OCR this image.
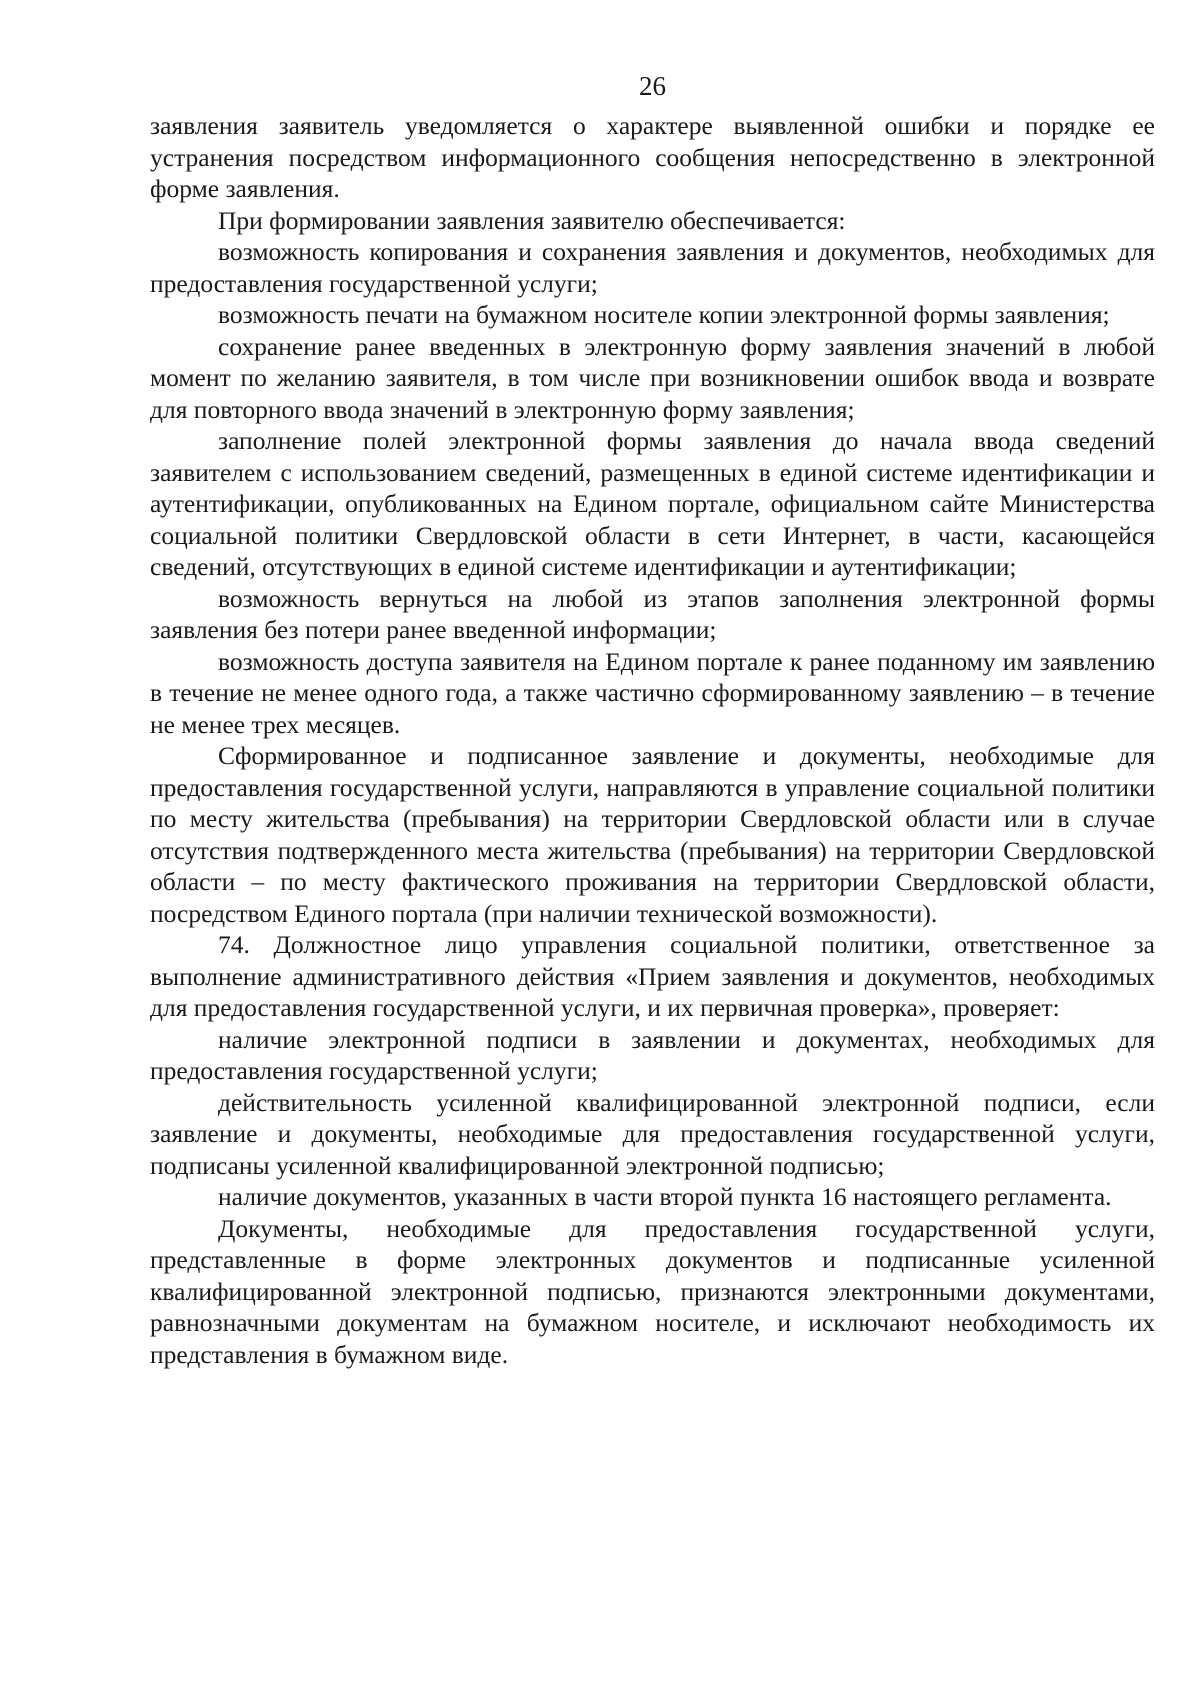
26

заявления заявитель уведомляется о характере выявленной ошибки и порядке ее устранения посредством информационного сообщения непосредственно в электронной форме заявления.

При формировании заявления заявителю обеспечивается:

возможность копирования и сохранения заявления и документов, необходимых для предоставления государственной услуги;

возможность печати на бумажном носителе копии электронной формы заявления;

сохранение ранее введенных в электронную форму заявления значений в любой момент по желанию заявителя, в том числе при возникновении ошибок ввода и возврате для повторного ввода значений в электронную форму заявления;

заполнение полей электронной формы заявления до начала ввода сведений заявителем с использованием сведений, размещенных в единой системе идентификации и аутентификации, опубликованных на Едином портале, официальном сайте Министерства социальной политики Свердловской области в сети Интернет, в части, касающейся сведений, отсутствующих в единой системе идентификации и аутентификации;

возможность вернуться на любой из этапов заполнения электронной формы заявления без потери ранее введенной информации;

возможность доступа заявителя на Едином портале к ранее поданному им заявлению в течение не менее одного года, а также частично сформированному заявлению – в течение не менее трех месяцев.

Сформированное и подписанное заявление и документы, необходимые для предоставления государственной услуги, направляются в управление социальной политики по месту жительства (пребывания) на территории Свердловской области или в случае отсутствия подтвержденного места жительства (пребывания) на территории Свердловской области – по месту фактического проживания на территории Свердловской области, посредством Единого портала (при наличии технической возможности).

74. Должностное лицо управления социальной политики, ответственное за выполнение административного действия «Прием заявления и документов, необходимых для предоставления государственной услуги, и их первичная проверка», проверяет:

наличие электронной подписи в заявлении и документах, необходимых для предоставления государственной услуги;

действительность усиленной квалифицированной электронной подписи, если заявление и документы, необходимые для предоставления государственной услуги, подписаны усиленной квалифицированной электронной подписью;

наличие документов, указанных в части второй пункта 16 настоящего регламента.

Документы, необходимые для предоставления государственной услуги, представленные в форме электронных документов и подписанные усиленной квалифицированной электронной подписью, признаются электронными документами, равнозначными документам на бумажном носителе, и исключают необходимость их представления в бумажном виде.
